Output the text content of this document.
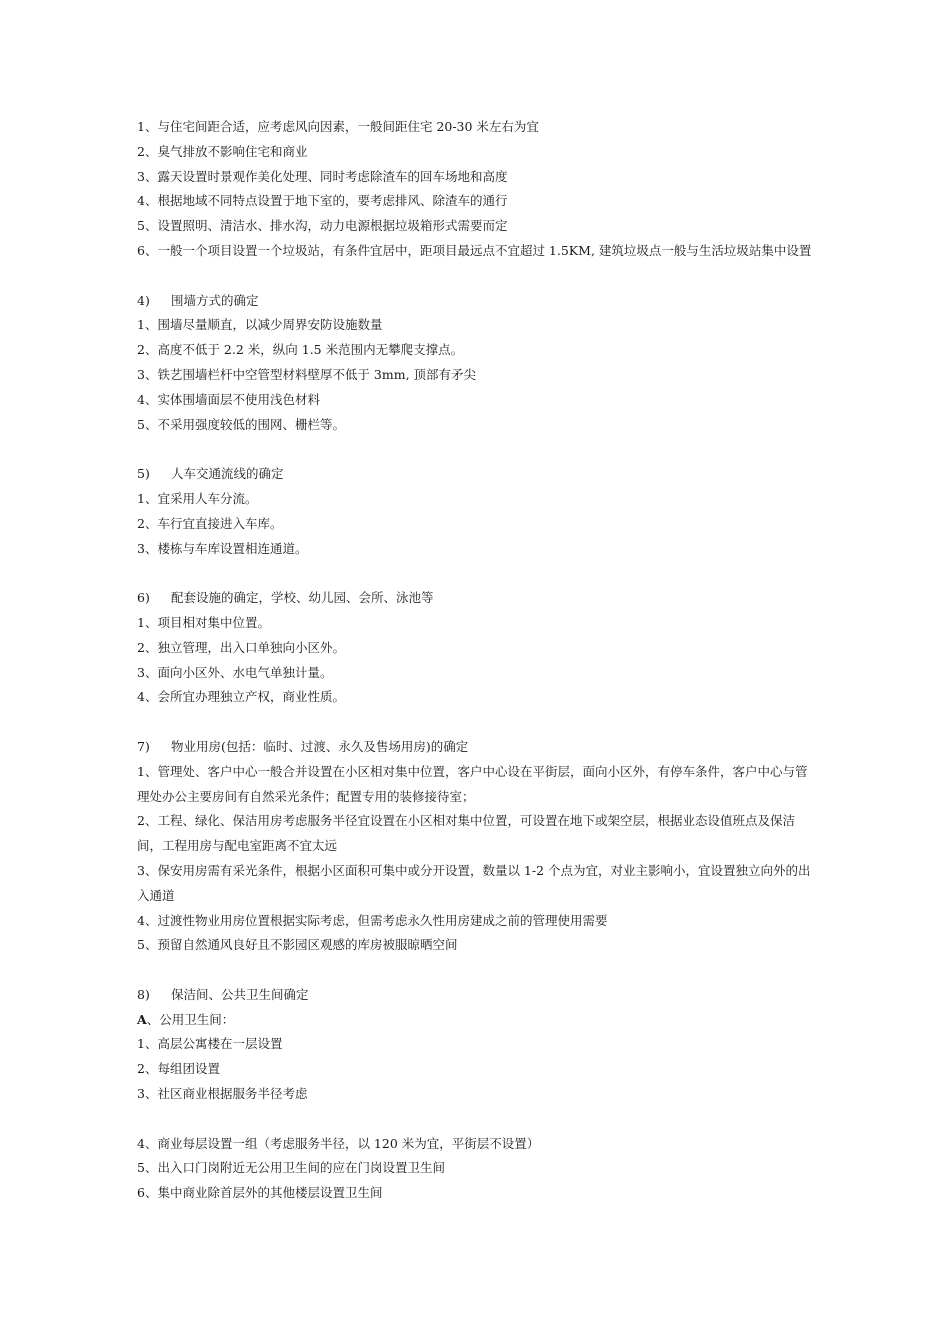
1、与住宅间距合适，应考虑风向因素，一般间距住宅 20-30 米左右为宜

2、臭气排放不影响住宅和商业

3、露天设置时景观作美化处理、同时考虑除渣车的回车场地和高度

4、根据地域不同特点设置于地下室的，要考虑排风、除渣车的通行

5、设置照明、清洁水、排水沟，动力电源根据垃圾箱形式需要而定

6、一般一个项目设置一个垃圾站，有条件宜居中，距项目最远点不宜超过 1.5KM, 建筑垃圾点一般与生活垃圾站集中设置

4)	围墙方式的确定

1、围墙尽量顺直，以减少周界安防设施数量

2、高度不低于 2.2 米，纵向 1.5 米范围内无攀爬支撑点。

3、铁艺围墙栏杆中空管型材料壁厚不低于 3mm, 顶部有矛尖

4、实体围墙面层不使用浅色材料

5、不采用强度较低的围网、栅栏等。

5)	人车交通流线的确定

1、宜采用人车分流。

2、车行宜直接进入车库。

3、楼栋与车库设置相连通道。

6)	配套设施的确定，学校、幼儿园、会所、泳池等

1、项目相对集中位置。

2、独立管理，出入口单独向小区外。

3、面向小区外、水电气单独计量。

4、会所宜办理独立产权，商业性质。

7)	物业用房(包括：临时、过渡、永久及售场用房)的确定

1、管理处、客户中心一般合并设置在小区相对集中位置，客户中心设在平街层，面向小区外，有停车条件，客户中心与管理处办公主要房间有自然采光条件；配置专用的装修接待室；

2、工程、绿化、保洁用房考虑服务半径宜设置在小区相对集中位置，可设置在地下或架空层，根据业态设值班点及保洁间，工程用房与配电室距离不宜太远

3、保安用房需有采光条件，根据小区面积可集中或分开设置，数量以 1-2 个点为宜，对业主影响小，宜设置独立向外的出入通道

4、过渡性物业用房位置根据实际考虑，但需考虑永久性用房建成之前的管理使用需要

5、预留自然通风良好且不影园区观感的库房被服晾晒空间

8)	保洁间、公共卫生间确定

A、公用卫生间：

1、高层公寓楼在一层设置

2、每组团设置

3、社区商业根据服务半径考虑

4、商业每层设置一组（考虑服务半径，以 120 米为宜，平街层不设置）

5、出入口门岗附近无公用卫生间的应在门岗设置卫生间

6、集中商业除首层外的其他楼层设置卫生间
